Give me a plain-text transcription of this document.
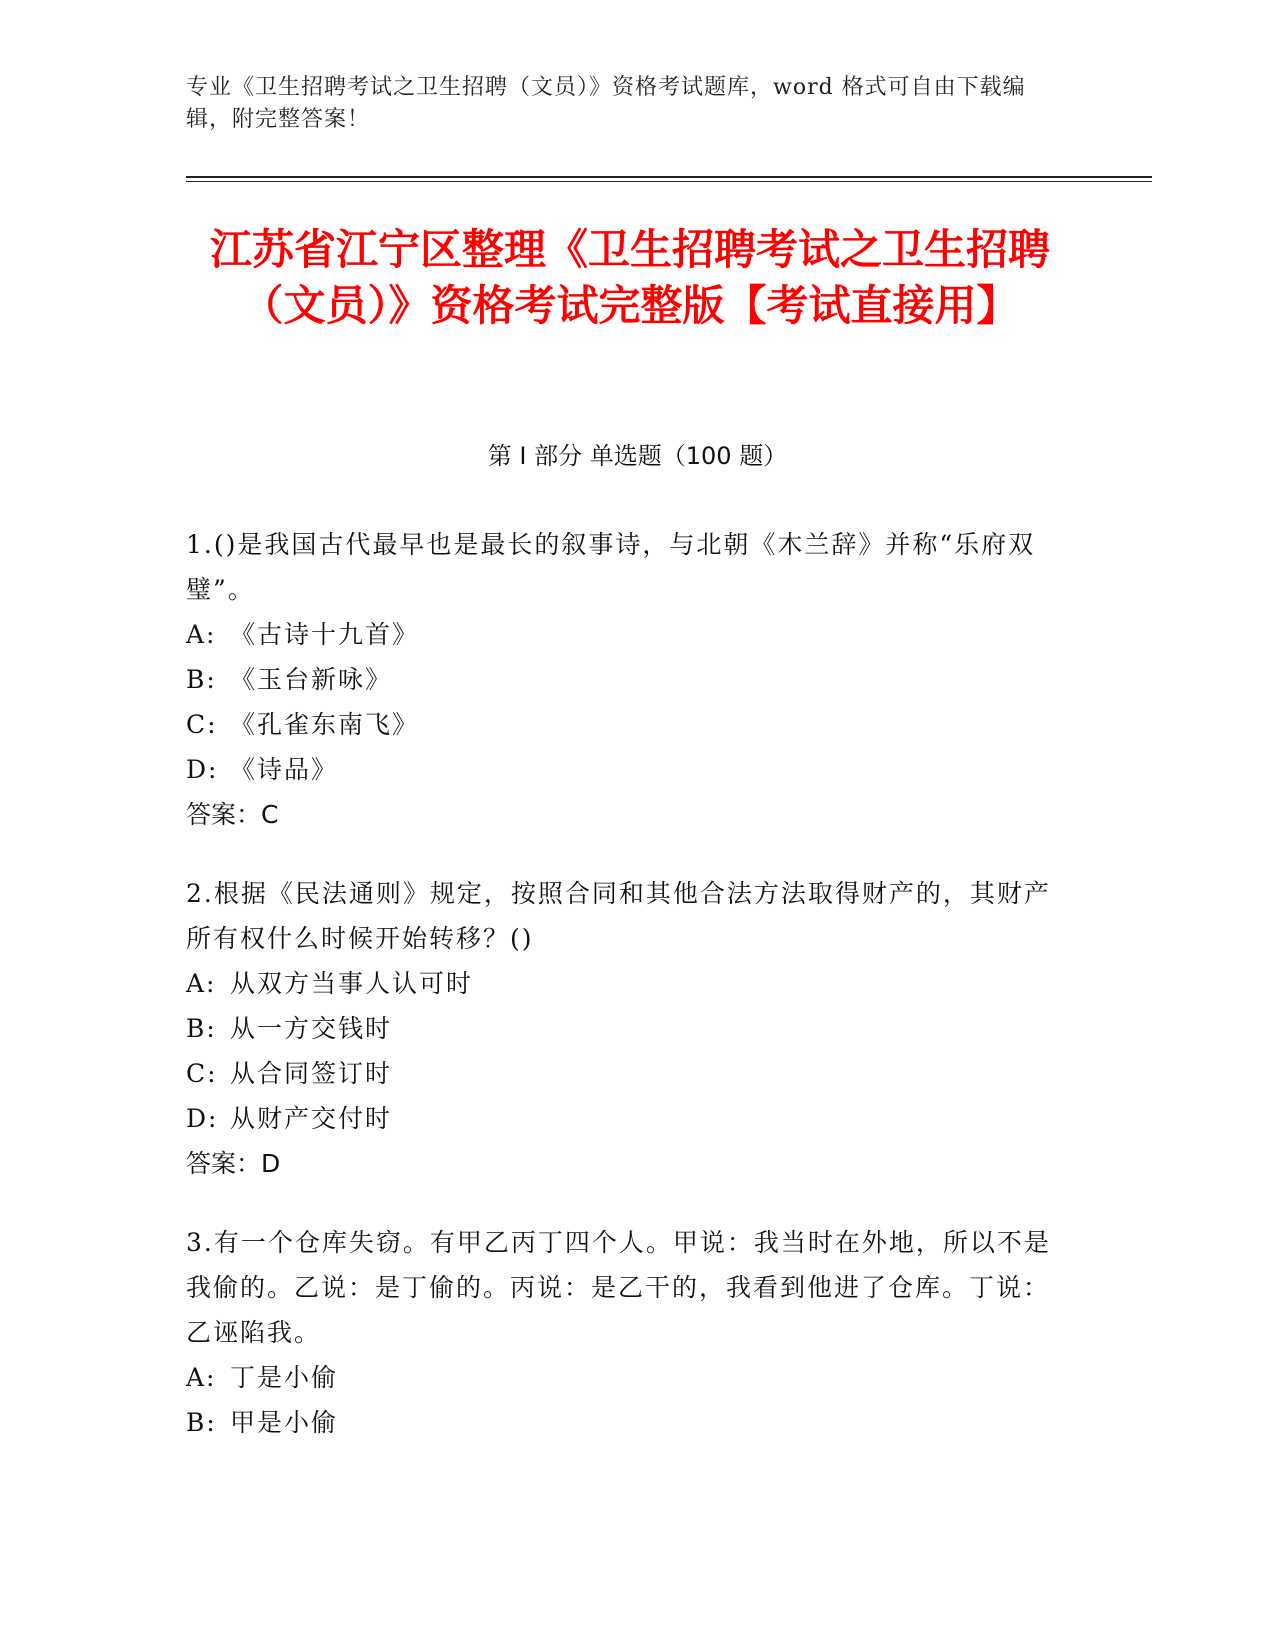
专业《卫生招聘考试之卫生招聘（文员）》资格考试题库，word 格式可自由下载编辑，附完整答案！
江苏省江宁区整理《卫生招聘考试之卫生招聘（文员）》资格考试完整版【考试直接用】
第 I 部分 单选题（100 题）

1.()是我国古代最早也是最长的叙事诗，与北朝《木兰辞》并称“乐府双璧”。

A: 《古诗十九首》

B: 《玉台新咏》

C: 《孔雀东南飞》

D: 《诗品》

答案：C

2.根据《民法通则》规定，按照合同和其他合法方法取得财产的，其财产所有权什么时候开始转移？()

A: 从双方当事人认可时

B: 从一方交钱时

C: 从合同签订时

D: 从财产交付时

答案：D

3.有一个仓库失窃。有甲乙丙丁四个人。甲说：我当时在外地，所以不是我偷的。乙说：是丁偷的。丙说：是乙干的，我看到他进了仓库。丁说：乙诬陷我。

A: 丁是小偷

B: 甲是小偷
